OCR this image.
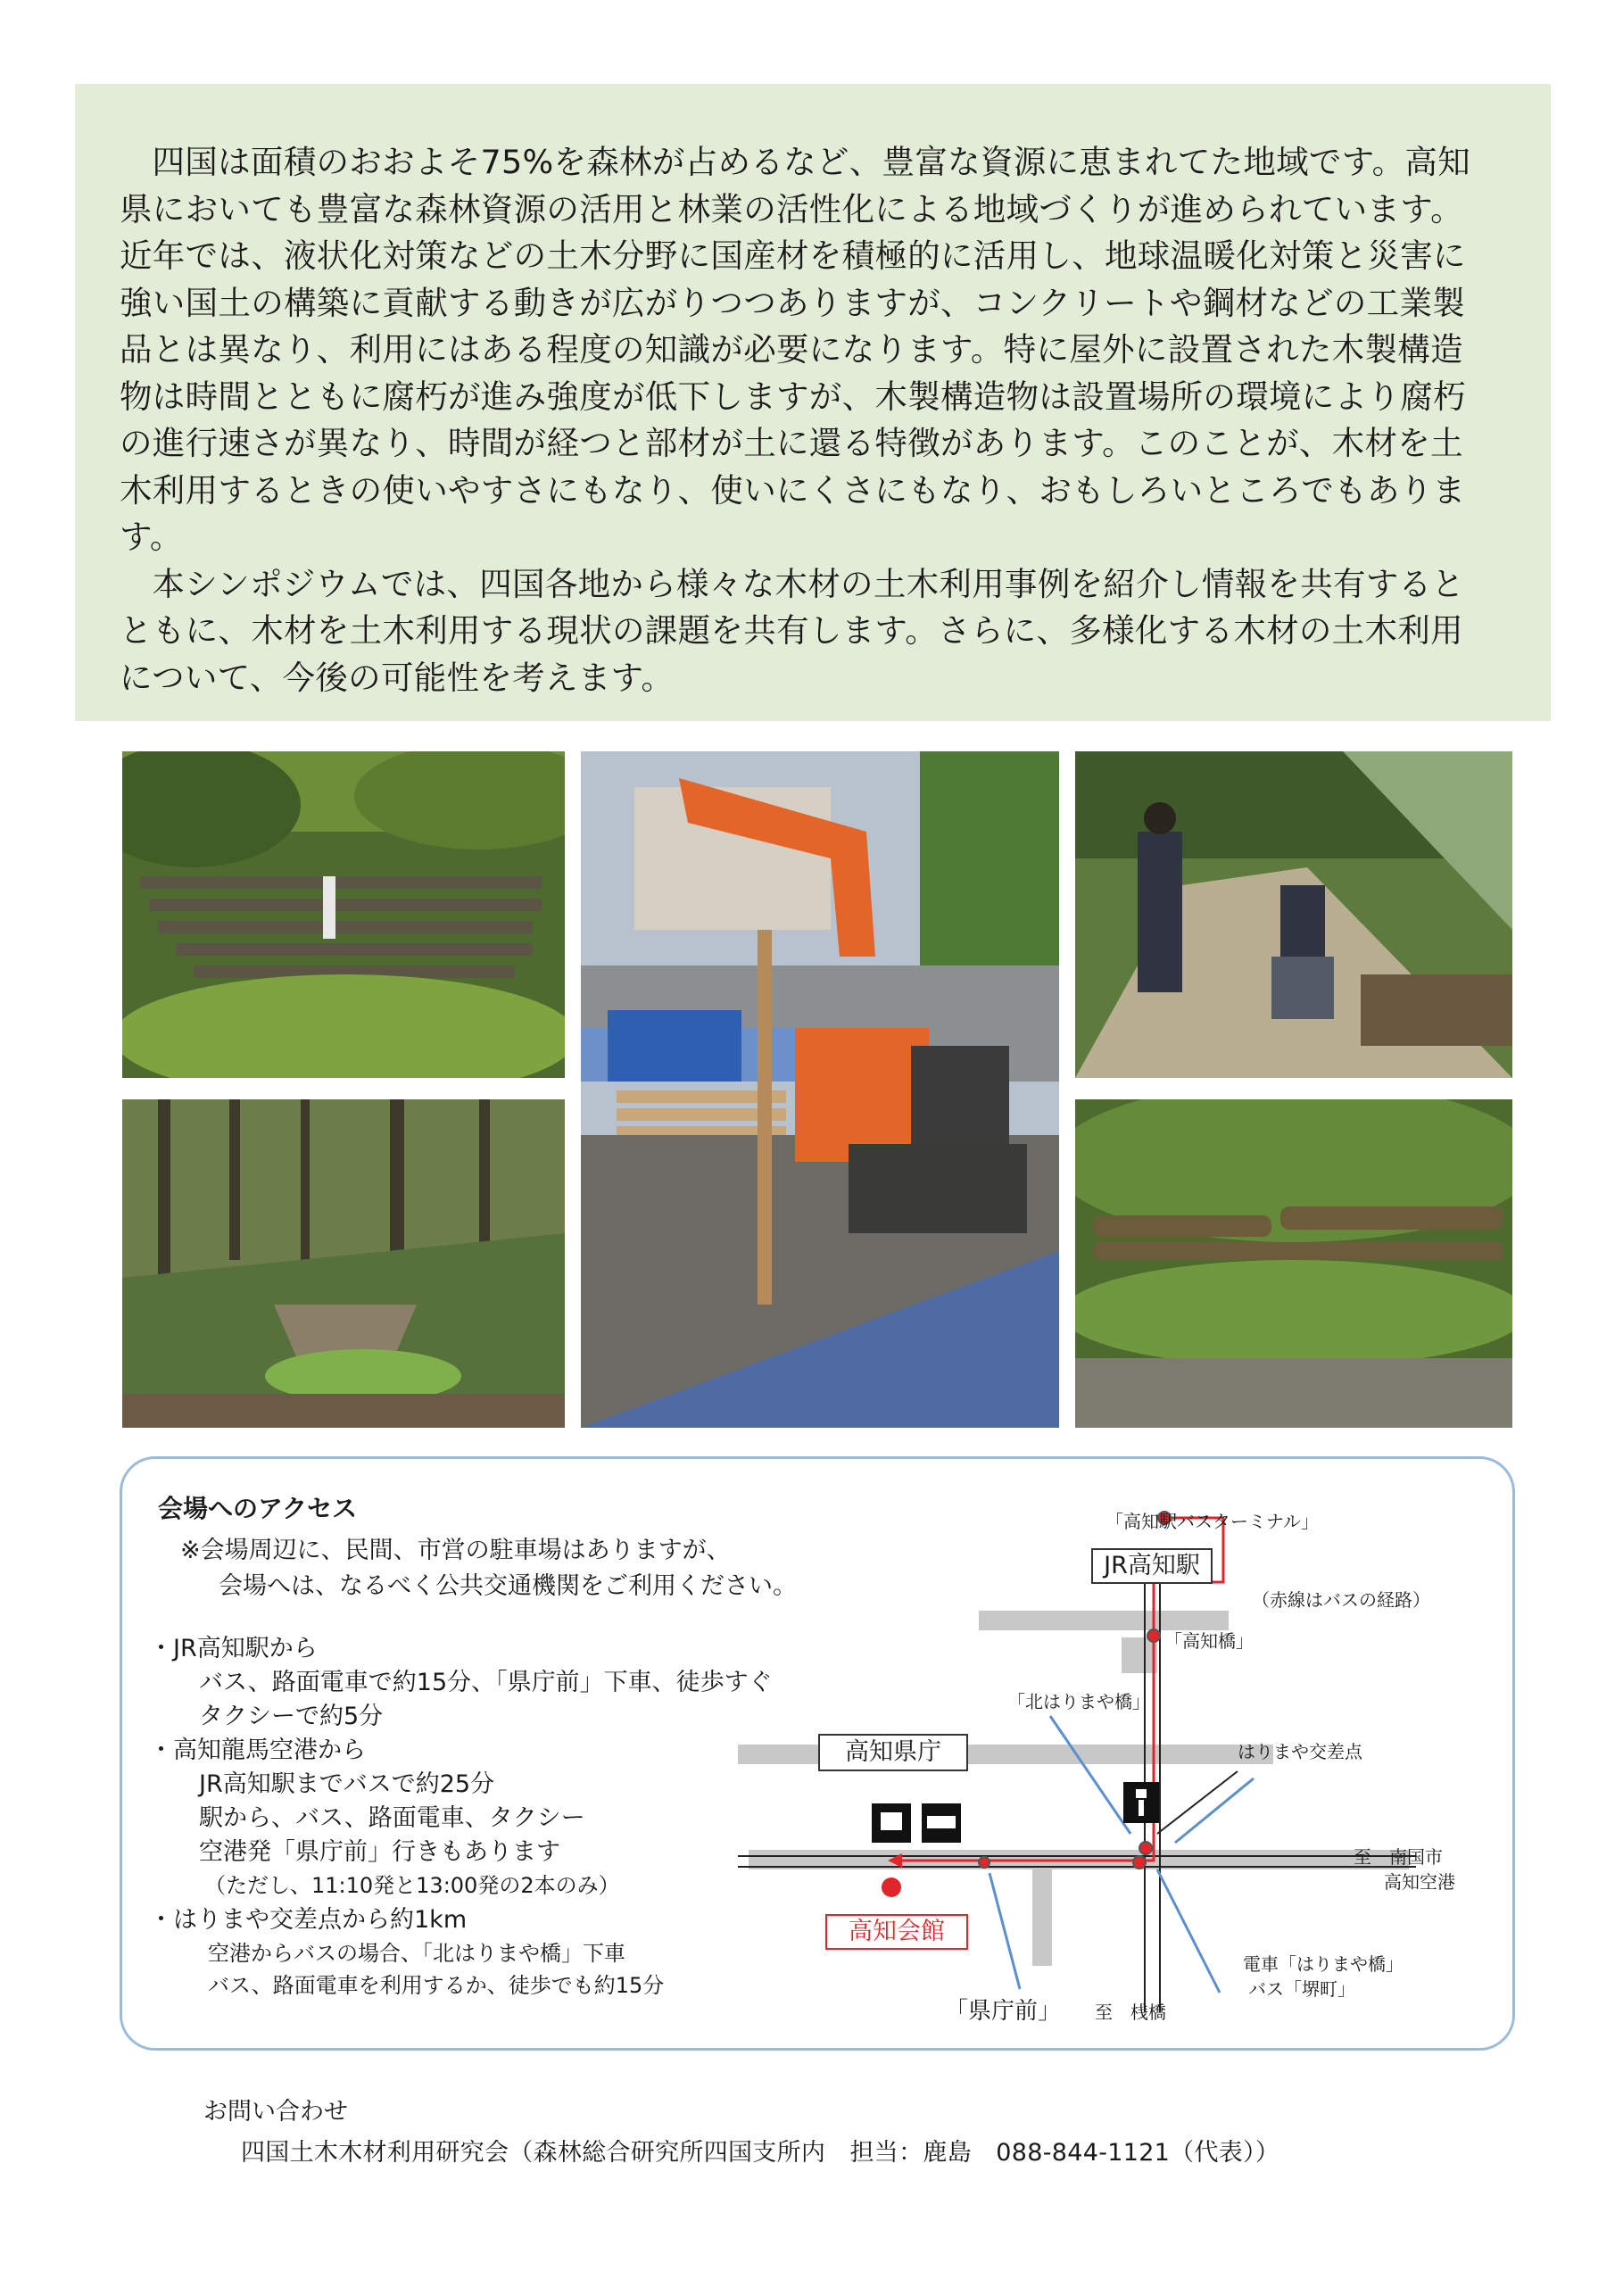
四国は面積のおおよそ75%を森林が占めるなど、豊富な資源に恵まれてた地域です。高知県においても豊富な森林資源の活用と林業の活性化による地域づくりが進められています。近年では、液状化対策などの土木分野に国産材を積極的に活用し、地球温暖化対策と災害に強い国土の構築に貢献する動きが広がりつつありますが、コンクリートや鋼材などの工業製品とは異なり、利用にはある程度の知識が必要になります。特に屋外に設置された木製構造物は時間とともに腐朽が進み強度が低下しますが、木製構造物は設置場所の環境により腐朽の進行速さが異なり、時間が経つと部材が土に還る特徴があります。このことが、木材を土木利用するときの使いやすさにもなり、使いにくさにもなり、おもしろいところでもあります。

本シンポジウムでは、四国各地から様々な木材の土木利用事例を紹介し情報を共有するとともに、木材を土木利用する現状の課題を共有します。さらに、多様化する木材の土木利用について、今後の可能性を考えます。

会場へのアクセス
※会場周辺に、民間、市営の駐車場はありますが、
会場へは、なるべく公共交通機関をご利用ください。
・JR高知駅から
バス、路面電車で約15分、「県庁前」下車、徒歩すぐ
タクシーで約5分
・高知龍馬空港から
JR高知駅までバスで約25分
駅から、バス、路面電車、タクシー
空港発「県庁前」行きもあります
（ただし、11:10発と13:00発の2本のみ）
・はりまや交差点から約1km
空港からバスの場合、「北はりまや橋」下車
バス、路面電車を利用するか、徒歩でも約15分
「高知駅バスターミナル」
JR高知駅
（赤線はバスの経路）
「高知橋」
「北はりまや橋」
はりまや交差点
高知県庁
至　南国市
高知空港
高知会館
電車「はりまや橋」
バス「堺町」
「県庁前」 至　桟橋
お問い合わせ
四国土木木材利用研究会（森林総合研究所四国支所内　担当：鹿島　088-844-1121（代表））
